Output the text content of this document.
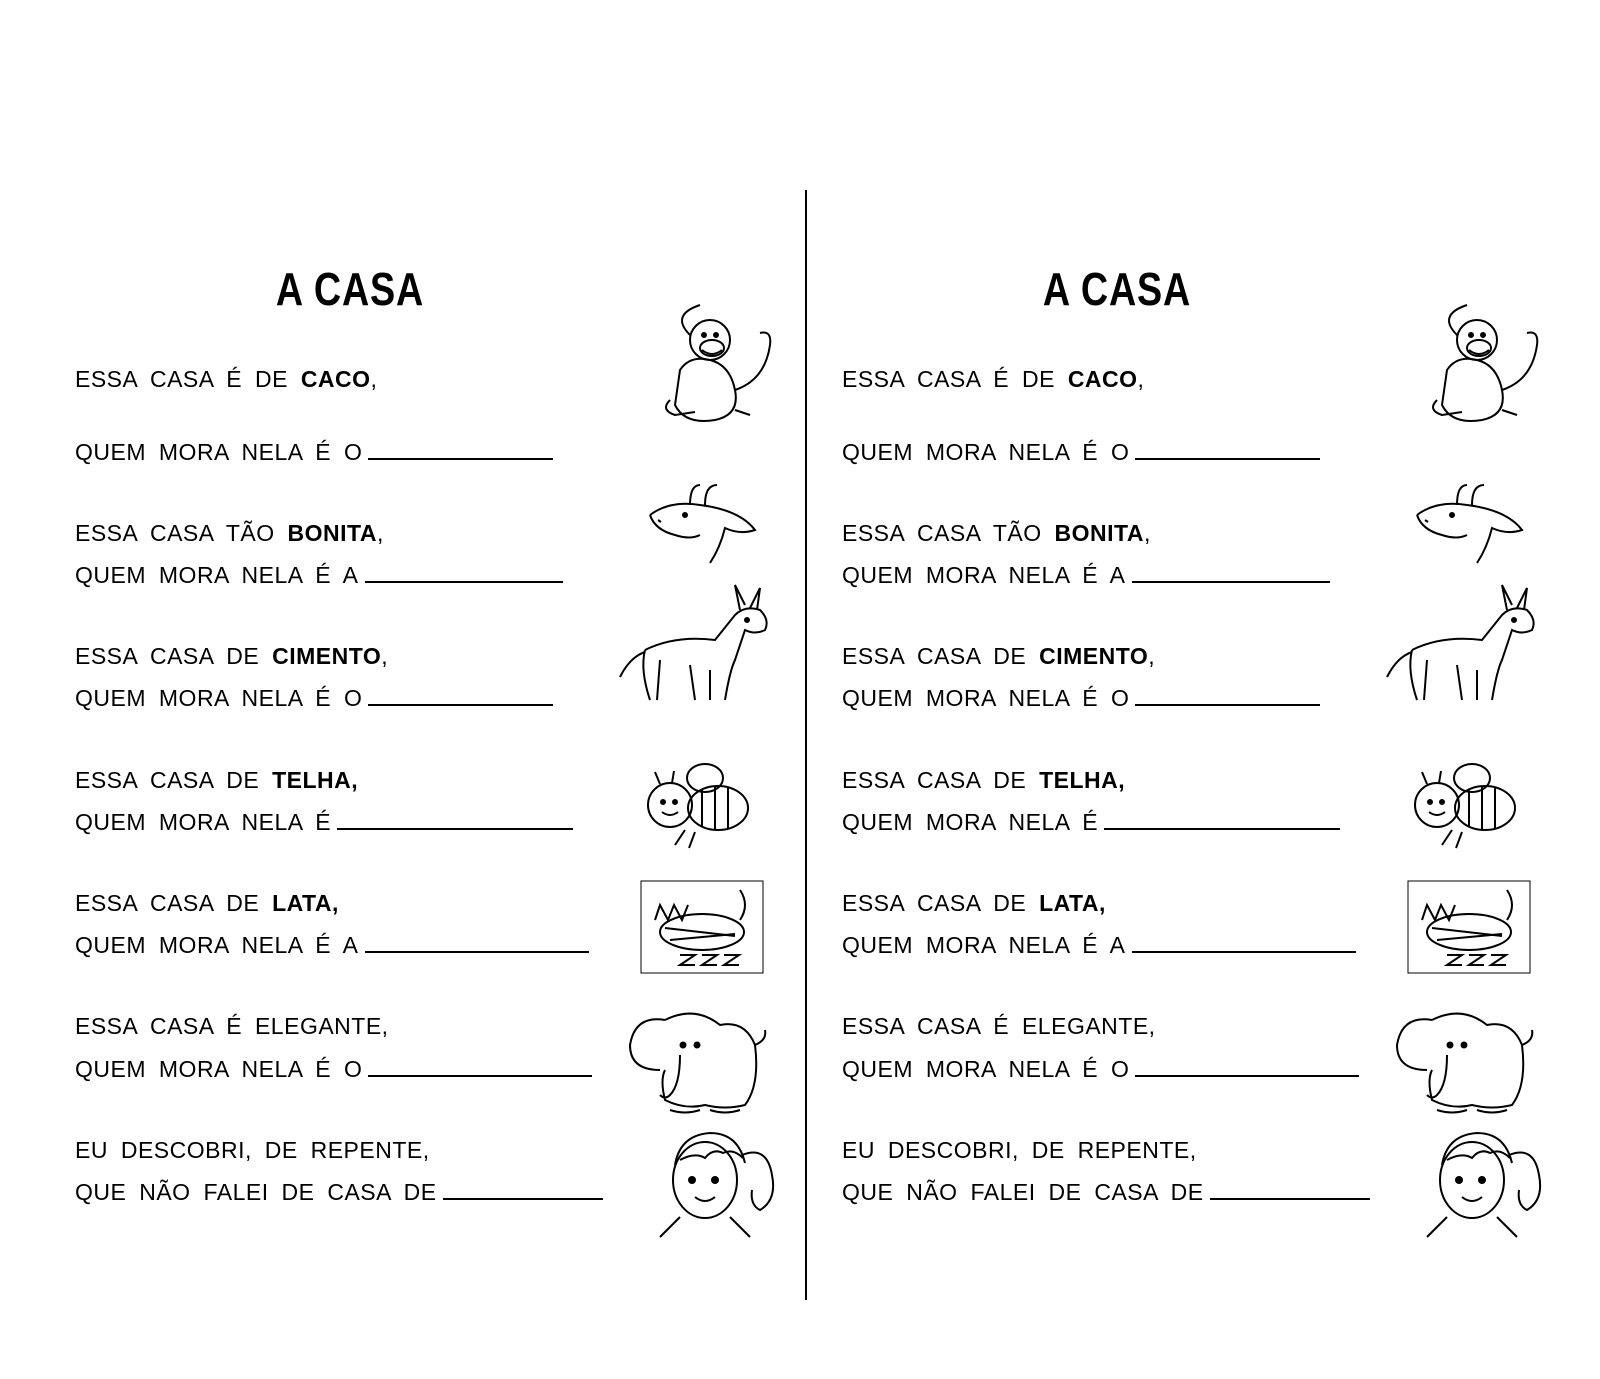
A CASA
ESSA CASA É DE CACO,
QUEM MORA NELA É O
ESSA CASA TÃO BONITA,
QUEM MORA NELA É A
ESSA CASA DE CIMENTO,
QUEM MORA NELA É O
ESSA CASA DE TELHA,
QUEM MORA NELA É
ESSA CASA DE LATA,
QUEM MORA NELA É A
ESSA CASA É ELEGANTE,
QUEM MORA NELA É O
EU DESCOBRI, DE REPENTE,
QUE NÃO FALEI DE CASA DE
A CASA
ESSA CASA É DE CACO,
QUEM MORA NELA É O
ESSA CASA TÃO BONITA,
QUEM MORA NELA É A
ESSA CASA DE CIMENTO,
QUEM MORA NELA É O
ESSA CASA DE TELHA,
QUEM MORA NELA É
ESSA CASA DE LATA,
QUEM MORA NELA É A
ESSA CASA É ELEGANTE,
QUEM MORA NELA É O
EU DESCOBRI, DE REPENTE,
QUE NÃO FALEI DE CASA DE
